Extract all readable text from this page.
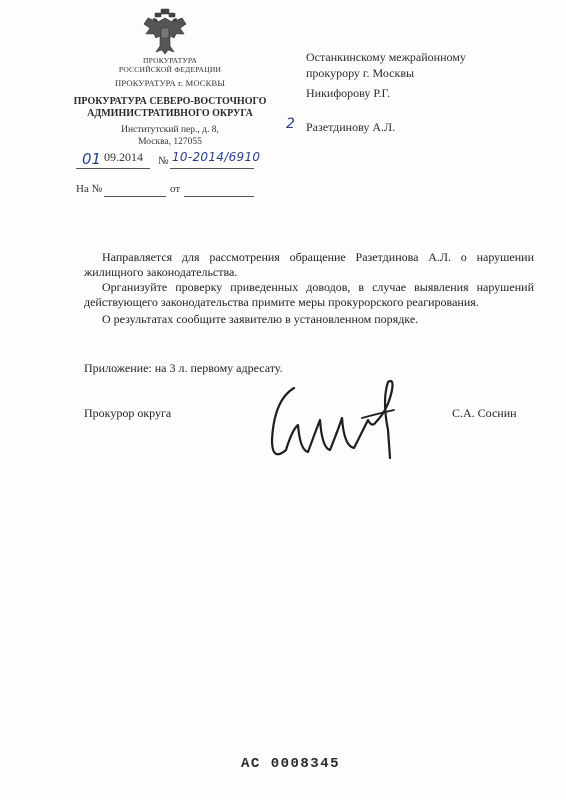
ПРОКУРАТУРА
РОССИЙСКОЙ ФЕДЕРАЦИИ
ПРОКУРАТУРА г. МОСКВЫ
ПРОКУРАТУРА СЕВЕРО-ВОСТОЧНОГО
АДМИНИСТРАТИВНОГО ОКРУГА
Институтский пер., д. 8,
Москва, 127055
01 09.2014 № 10-2014/6910
На №	от
Останкинскому межрайонному
прокурору г. Москвы
Никифорову Р.Г.
2 Разетдинову А.Л.

Направляется для рассмотрения обращение Разетдинова А.Л. о нарушении жилищного законодательства.

Организуйте проверку приведенных доводов, в случае выявления нарушений действующего законодательства примите меры прокурорского реагирования.

О результатах сообщите заявителю в установленном порядке.

Приложение: на 3 л. первому адресату.
Прокурор округа	С.А. Соснин
АС 0008345
